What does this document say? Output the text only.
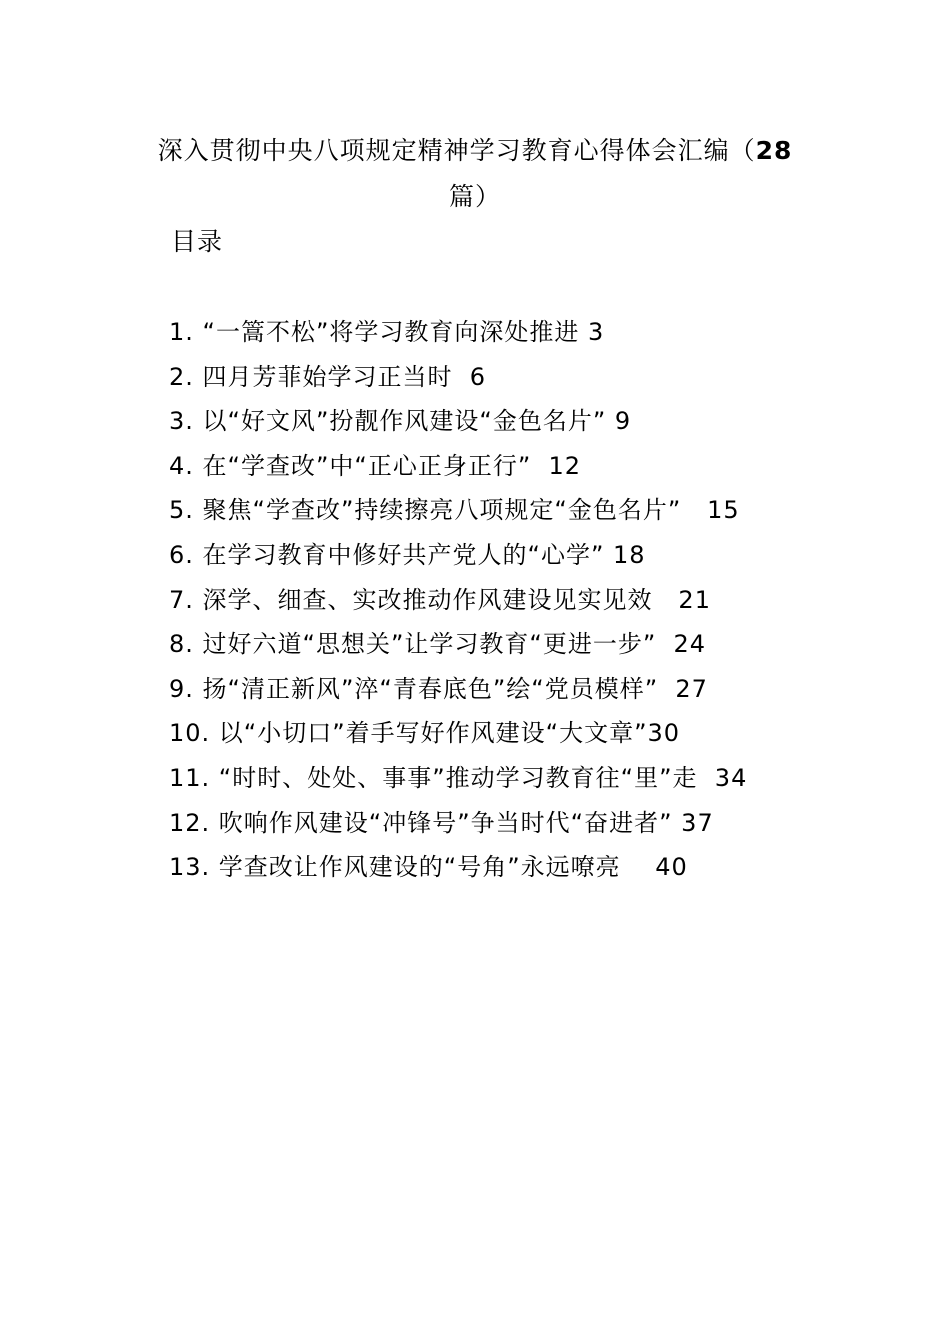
深入贯彻中央八项规定精神学习教育心得体会汇编（28
篇）
目录
1. “一篙不松”将学习教育向深处推进 3
2. 四月芳菲始学习正当时  6
3. 以“好文风”扮靓作风建设“金色名片” 9
4. 在“学查改”中“正心正身正行”  12
5. 聚焦“学查改”持续擦亮八项规定“金色名片”   15
6. 在学习教育中修好共产党人的“心学” 18
7. 深学、细查、实改推动作风建设见实见效   21
8. 过好六道“思想关”让学习教育“更进一步”  24
9. 扬“清正新风”淬“青春底色”绘“党员模样”  27
10. 以“小切口”着手写好作风建设“大文章”30
11. “时时、处处、事事”推动学习教育往“里”走  34
12. 吹响作风建设“冲锋号”争当时代“奋进者” 37
13. 学查改让作风建设的“号角”永远嘹亮    40
